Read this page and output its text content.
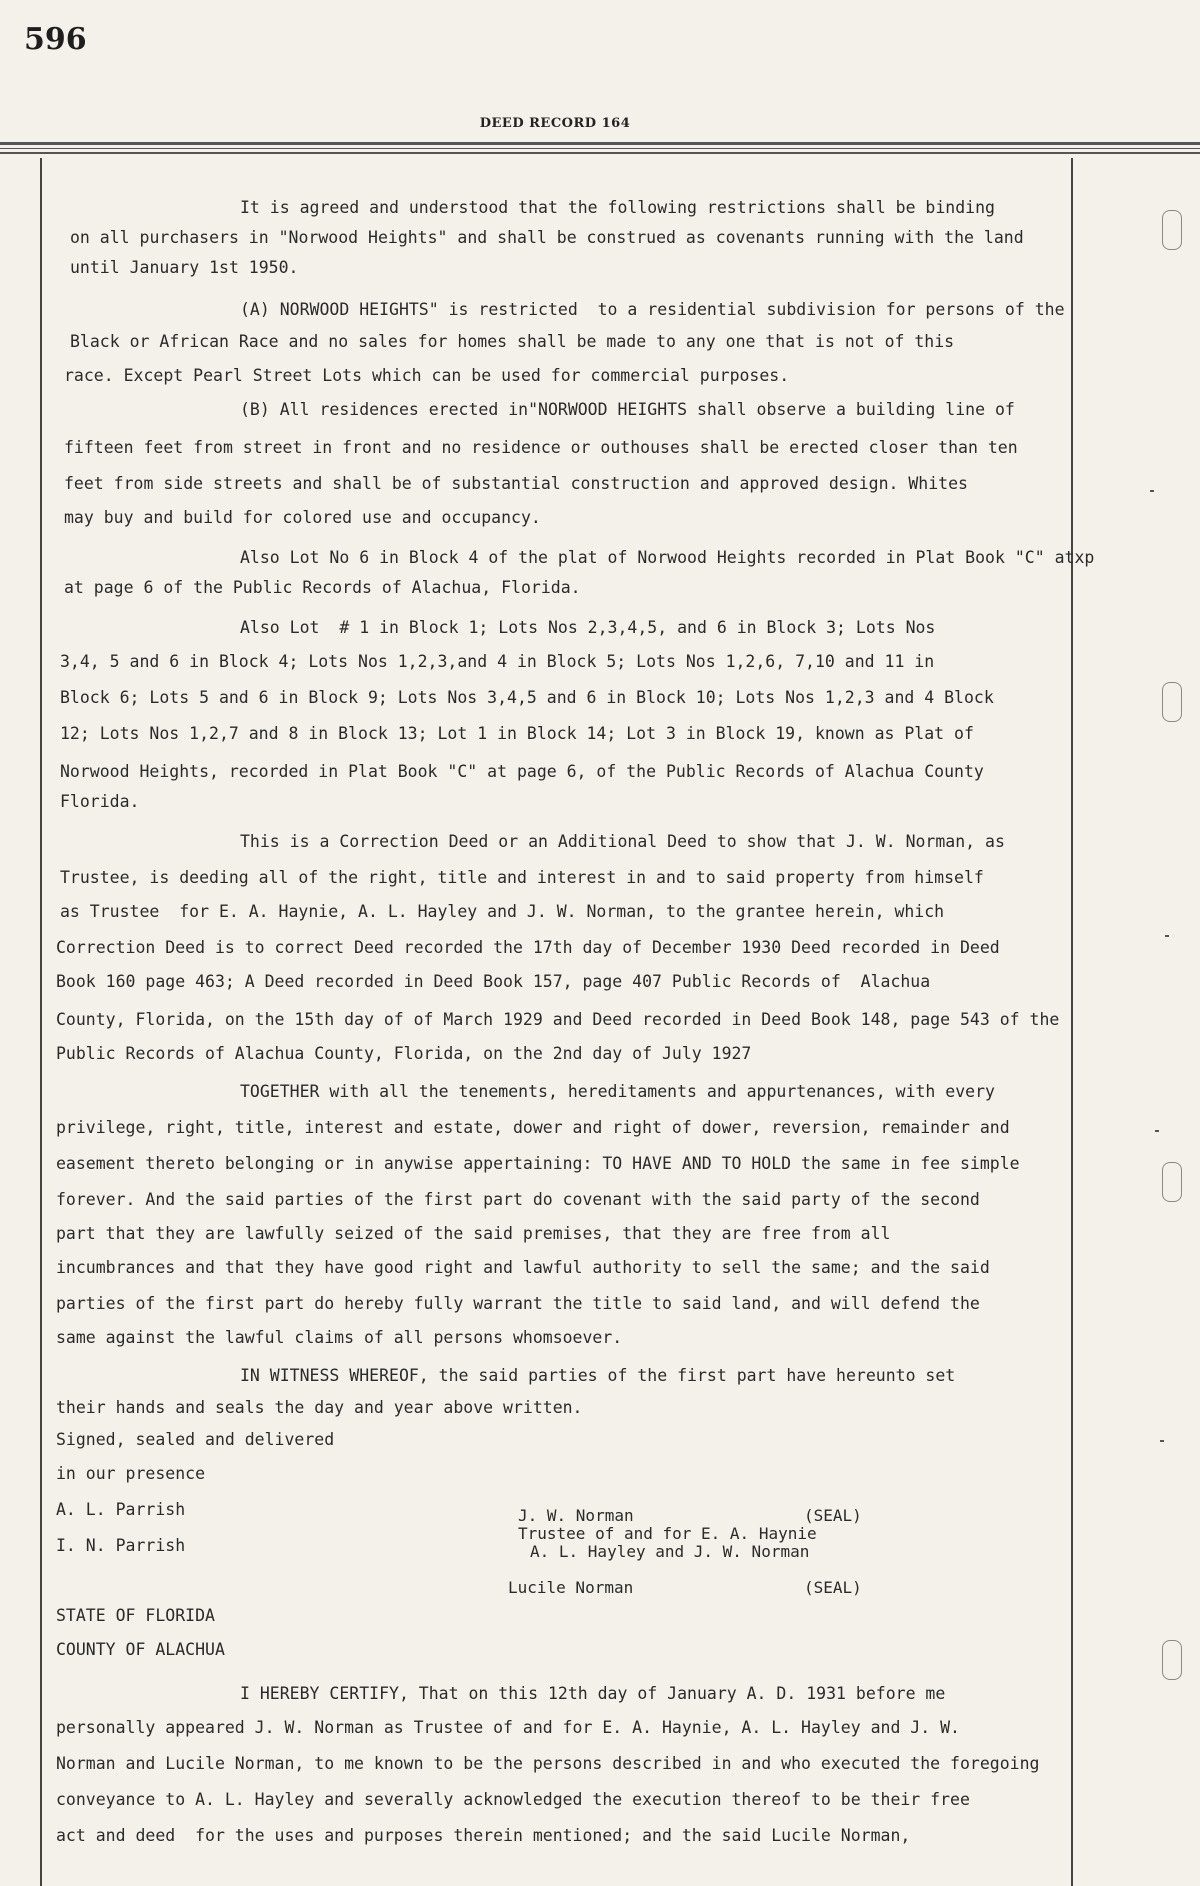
596
DEED RECORD 164
It is agreed and understood that the following restrictions shall be binding
on all purchasers in "Norwood Heights" and shall be construed as covenants running with the land
until January 1st 1950.
(A) NORWOOD HEIGHTS" is restricted  to a residential subdivision for persons of the
Black or African Race and no sales for homes shall be made to any one that is not of this
race. Except Pearl Street Lots which can be used for commercial purposes.
(B) All residences erected in"NORWOOD HEIGHTS shall observe a building line of
fifteen feet from street in front and no residence or outhouses shall be erected closer than ten
feet from side streets and shall be of substantial construction and approved design. Whites
may buy and build for colored use and occupancy.
Also Lot No 6 in Block 4 of the plat of Norwood Heights recorded in Plat Book "C" atxp
at page 6 of the Public Records of Alachua, Florida.
Also Lot  # 1 in Block 1; Lots Nos 2,3,4,5, and 6 in Block 3; Lots Nos
3,4, 5 and 6 in Block 4; Lots Nos 1,2,3,and 4 in Block 5; Lots Nos 1,2,6, 7,10 and 11 in
Block 6; Lots 5 and 6 in Block 9; Lots Nos 3,4,5 and 6 in Block 10; Lots Nos 1,2,3 and 4 Block
12; Lots Nos 1,2,7 and 8 in Block 13; Lot 1 in Block 14; Lot 3 in Block 19, known as Plat of
Norwood Heights, recorded in Plat Book "C" at page 6, of the Public Records of Alachua County
Florida.
This is a Correction Deed or an Additional Deed to show that J. W. Norman, as
Trustee, is deeding all of the right, title and interest in and to said property from himself
as Trustee  for E. A. Haynie, A. L. Hayley and J. W. Norman, to the grantee herein, which
Correction Deed is to correct Deed recorded the 17th day of December 1930 Deed recorded in Deed
Book 160 page 463; A Deed recorded in Deed Book 157, page 407 Public Records of  Alachua
County, Florida, on the 15th day of of March 1929 and Deed recorded in Deed Book 148, page 543 of the
Public Records of Alachua County, Florida, on the 2nd day of July 1927
TOGETHER with all the tenements, hereditaments and appurtenances, with every
privilege, right, title, interest and estate, dower and right of dower, reversion, remainder and
easement thereto belonging or in anywise appertaining: TO HAVE AND TO HOLD the same in fee simple
forever. And the said parties of the first part do covenant with the said party of the second
part that they are lawfully seized of the said premises, that they are free from all
incumbrances and that they have good right and lawful authority to sell the same; and the said
parties of the first part do hereby fully warrant the title to said land, and will defend the
same against the lawful claims of all persons whomsoever.
IN WITNESS WHEREOF, the said parties of the first part have hereunto set
their hands and seals the day and year above written.
Signed, sealed and delivered
in our presence
A. L. Parrish
I. N. Parrish
J. W. Norman	(SEAL)
Trustee of and for E. A. Haynie
A. L. Hayley and J. W. Norman
Lucile Norman	(SEAL)
STATE OF FLORIDA
COUNTY OF ALACHUA
I HEREBY CERTIFY, That on this 12th day of January A. D. 1931 before me
personally appeared J. W. Norman as Trustee of and for E. A. Haynie, A. L. Hayley and J. W.
Norman and Lucile Norman, to me known to be the persons described in and who executed the foregoing
conveyance to A. L. Hayley and severally acknowledged the execution thereof to be their free
act and deed  for the uses and purposes therein mentioned; and the said Lucile Norman,
